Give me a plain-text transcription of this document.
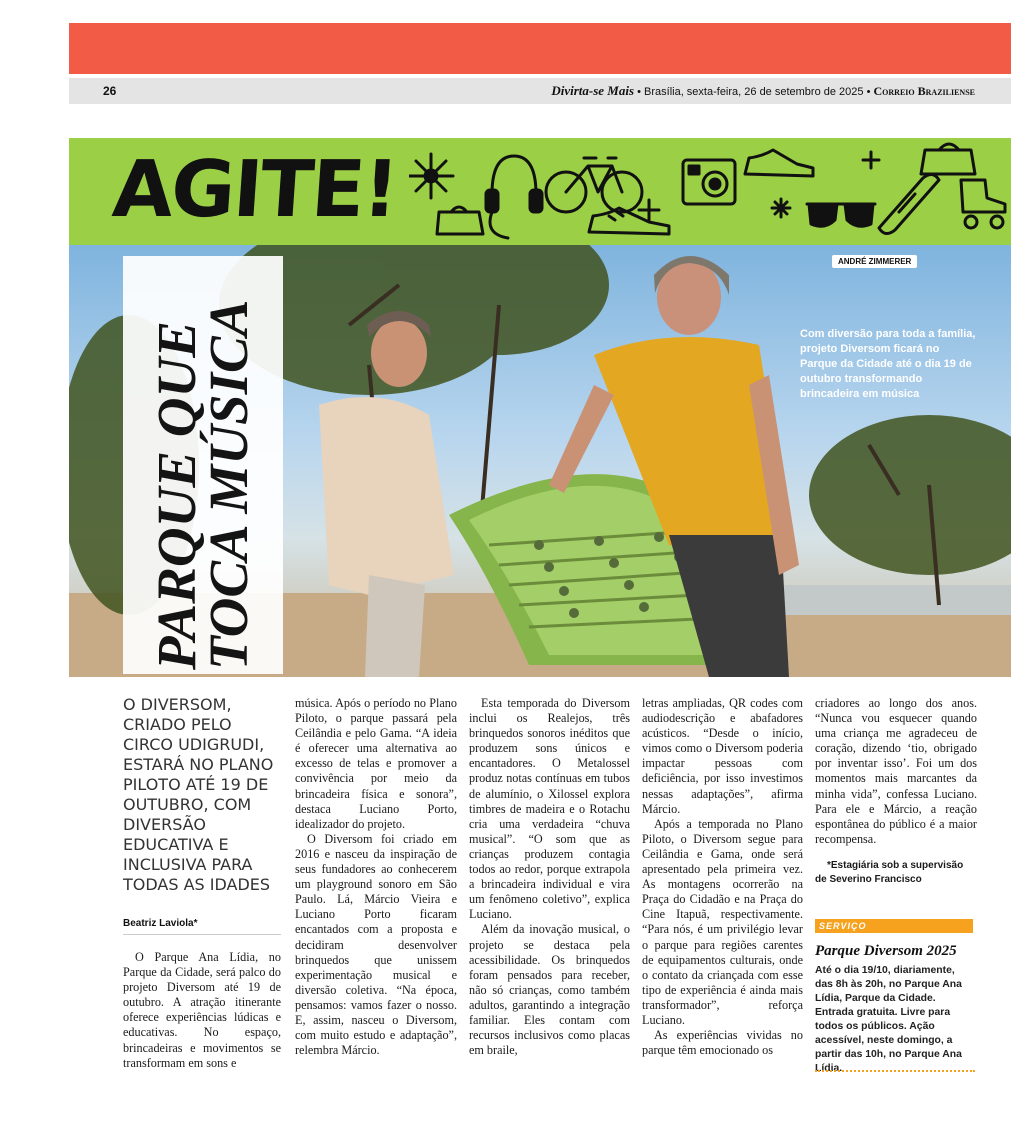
26	Divirta-se Mais • Brasília, sexta-feira, 26 de setembro de 2025 • Correio Braziliense
AGITE!
ANDRÉ ZIMMERER
Com diversão para toda a família, projeto Diversom ficará no Parque da Cidade até o dia 19 de outubro transformando brincadeira em música
PARQUE QUE
TOCA MÚSICA
O DIVERSOM, CRIADO PELO CIRCO UDIGRUDI, ESTARÁ NO PLANO PILOTO ATÉ 19 DE OUTUBRO, COM DIVERSÃO EDUCATIVA E INCLUSIVA PARA TODAS AS IDADES
Beatriz Laviola*

O Parque Ana Lídia, no Parque da Cidade, será palco do projeto Diversom até 19 de outubro. A atração itinerante oferece experiências lúdicas e educativas. No espaço, brincadeiras e movimentos se transformam em sons e

música. Após o período no Plano Piloto, o parque passará pela Ceilândia e pelo Gama. “A ideia é oferecer uma alternativa ao excesso de telas e promover a convivência por meio da brincadeira física e sonora”, destaca Luciano Porto, idealizador do projeto.

O Diversom foi criado em 2016 e nasceu da inspiração de seus fundadores ao conhecerem um playground sonoro em São Paulo. Lá, Márcio Vieira e Luciano Porto ficaram encantados com a proposta e decidiram desenvolver brinquedos que unissem experimentação musical e diversão coletiva. “Na época, pensamos: vamos fazer o nosso. E, assim, nasceu o Diversom, com muito estudo e adaptação”, relembra Márcio.

Esta temporada do Diversom inclui os Realejos, três brinquedos sonoros inéditos que produzem sons únicos e encantadores. O Metalossel produz notas contínuas em tubos de alumínio, o Xilossel explora timbres de madeira e o Rotachu cria uma verdadeira “chuva musical”. “O som que as crianças produzem contagia todos ao redor, porque extrapola a brincadeira individual e vira um fenômeno coletivo”, explica Luciano.

Além da inovação musical, o projeto se destaca pela acessibilidade. Os brinquedos foram pensados para receber, não só crianças, como também adultos, garantindo a integração familiar. Eles contam com recursos inclusivos como placas em braile,

letras ampliadas, QR codes com audiodescrição e abafadores acústicos. “Desde o início, vimos como o Diversom poderia impactar pessoas com deficiência, por isso investimos nessas adaptações”, afirma Márcio.

Após a temporada no Plano Piloto, o Diversom segue para Ceilândia e Gama, onde será apresentado pela primeira vez. As montagens ocorrerão na Praça do Cidadão e na Praça do Cine Itapuã, respectivamente. “Para nós, é um privilégio levar o parque para regiões carentes de equipamentos culturais, onde o contato da criançada com esse tipo de experiência é ainda mais transformador”, reforça Luciano.

As experiências vividas no parque têm emocionado os

criadores ao longo dos anos. “Nunca vou esquecer quando uma criança me agradeceu de coração, dizendo ‘tio, obrigado por inventar isso’. Foi um dos momentos mais marcantes da minha vida”, confessa Luciano. Para ele e Márcio, a reação espontânea do público é a maior recompensa.

*Estagiária sob a supervisão de Severino Francisco

SERVIÇO
Parque Diversom 2025
Até o dia 19/10, diariamente, das 8h às 20h, no Parque Ana Lídia, Parque da Cidade. Entrada gratuita. Livre para todos os públicos. Ação acessível, neste domingo, a partir das 10h, no Parque Ana Lídia.
